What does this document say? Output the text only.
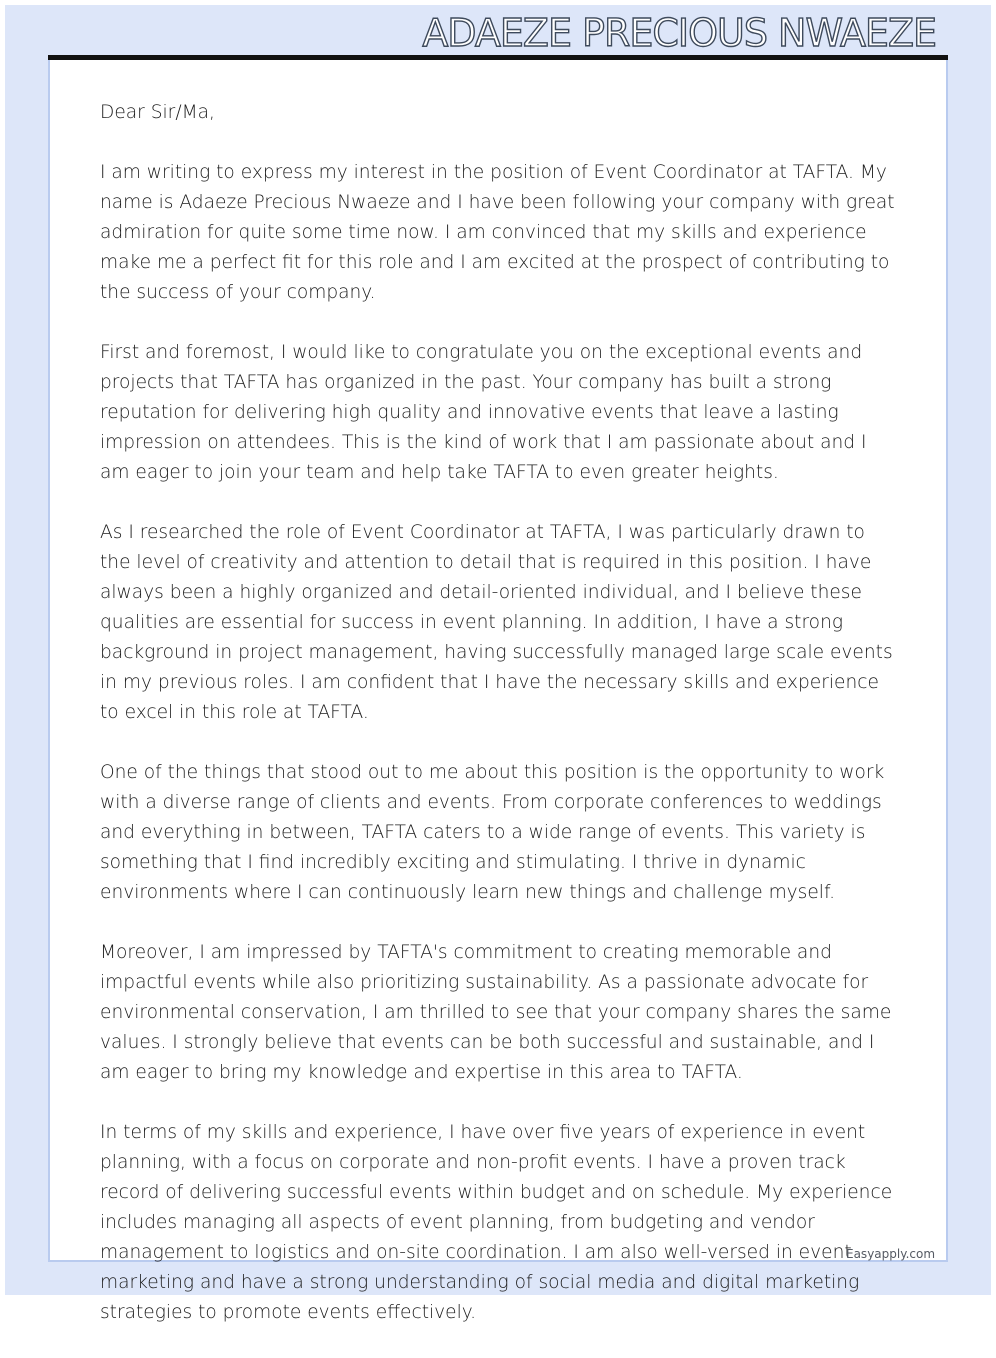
ADAEZE PRECIOUS NWAEZE

Dear Sir/Ma,

I am writing to express my interest in the position of Event Coordinator at TAFTA. My name is Adaeze Precious Nwaeze and I have been following your company with great admiration for quite some time now. I am convinced that my skills and experience make me a perfect fit for this role and I am excited at the prospect of contributing to the success of your company.

First and foremost, I would like to congratulate you on the exceptional events and projects that TAFTA has organized in the past. Your company has built a strong reputation for delivering high quality and innovative events that leave a lasting impression on attendees. This is the kind of work that I am passionate about and I am eager to join your team and help take TAFTA to even greater heights.

As I researched the role of Event Coordinator at TAFTA, I was particularly drawn to the level of creativity and attention to detail that is required in this position. I have always been a highly organized and detail-oriented individual, and I believe these qualities are essential for success in event planning. In addition, I have a strong background in project management, having successfully managed large scale events in my previous roles. I am confident that I have the necessary skills and experience to excel in this role at TAFTA.

One of the things that stood out to me about this position is the opportunity to work with a diverse range of clients and events. From corporate conferences to weddings and everything in between, TAFTA caters to a wide range of events. This variety is something that I find incredibly exciting and stimulating. I thrive in dynamic environments where I can continuously learn new things and challenge myself.

Moreover, I am impressed by TAFTA's commitment to creating memorable and impactful events while also prioritizing sustainability. As a passionate advocate for environmental conservation, I am thrilled to see that your company shares the same values. I strongly believe that events can be both successful and sustainable, and I am eager to bring my knowledge and expertise in this area to TAFTA.

In terms of my skills and experience, I have over five years of experience in event planning, with a focus on corporate and non-profit events. I have a proven track record of delivering successful events within budget and on schedule. My experience includes managing all aspects of event planning, from budgeting and vendor management to logistics and on-site coordination. I am also well-versed in event marketing and have a strong understanding of social media and digital marketing strategies to promote events effectively.

Easyapply.com
